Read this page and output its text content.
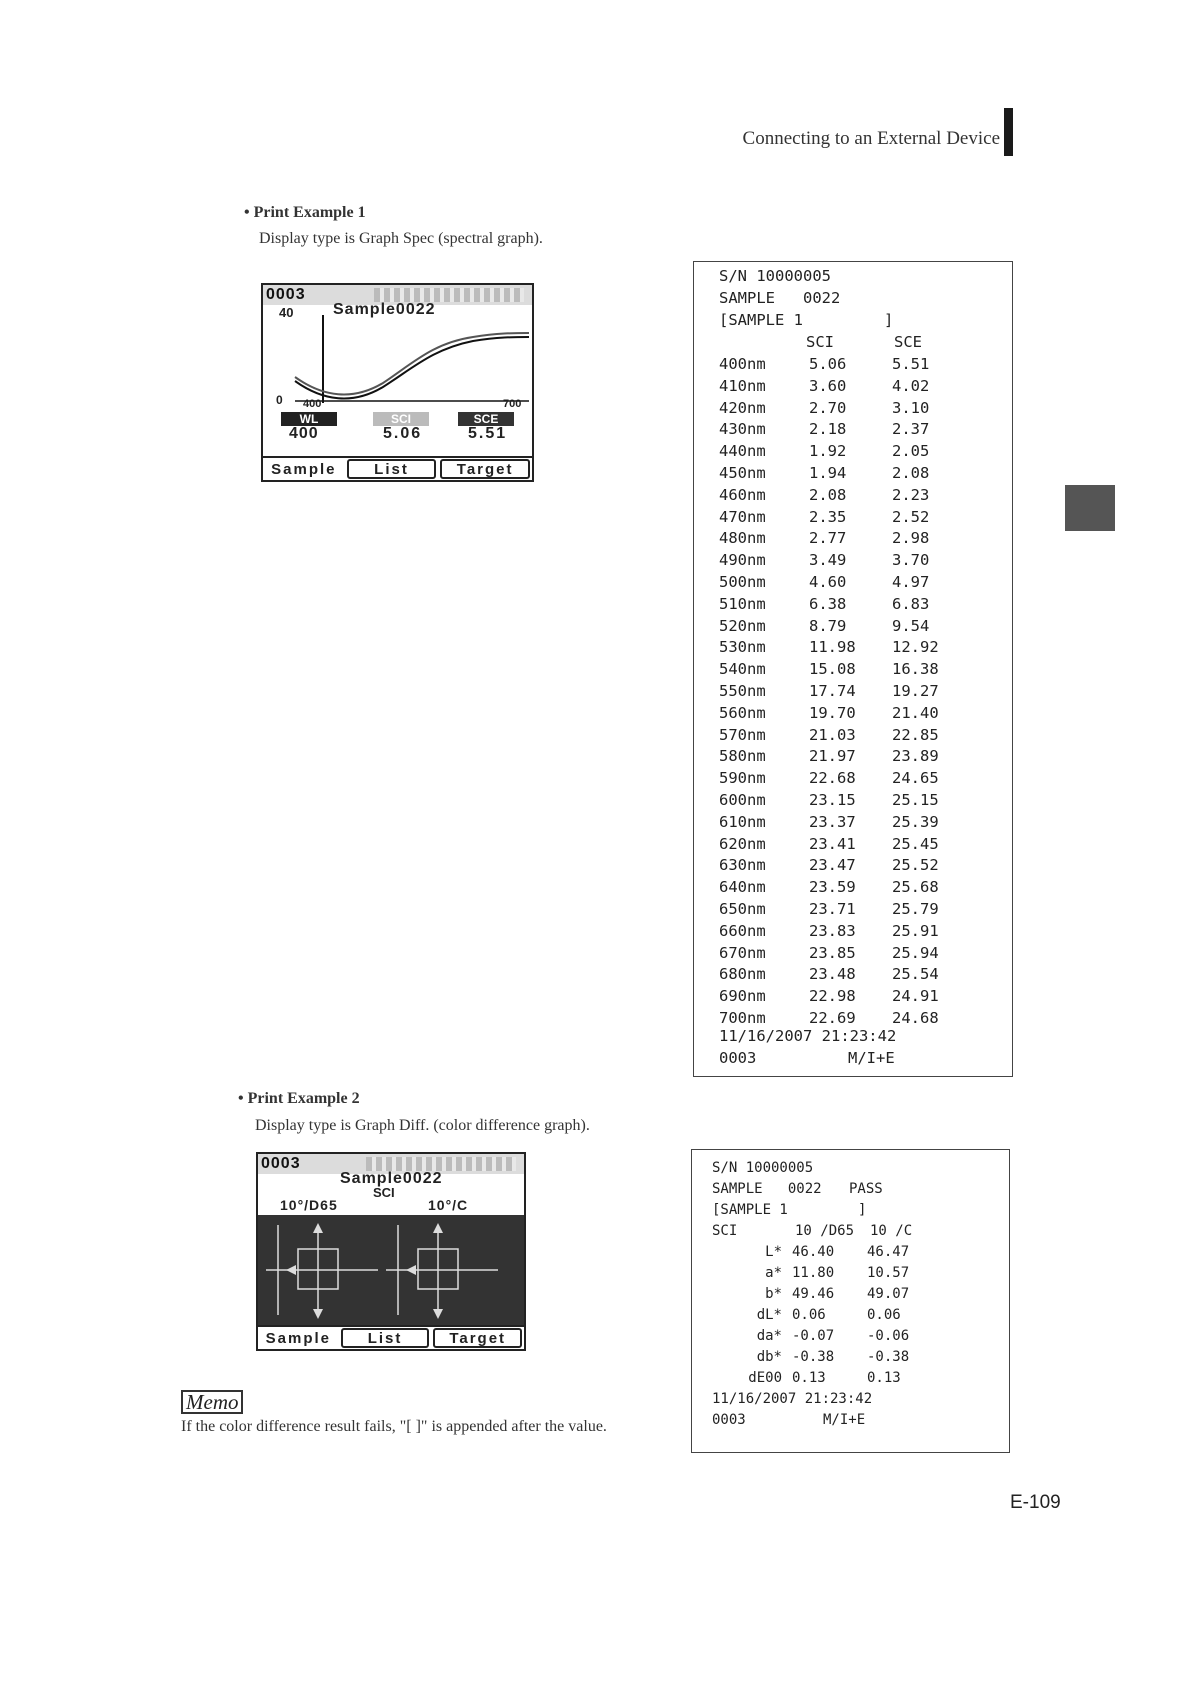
Connecting to an External Device
• Print Example 1
Display type is Graph Spec (spectral graph).
0003
Sample0022
40
0 400	700
WL	SCI	SCE
400	5.06	5.51
Sample	List	Target
S/N 10000005
SAMPLE   0022
[SAMPLE 1	]
SCI	SCE
400nm	5.06	5.51
410nm	3.60	4.02
420nm	2.70	3.10
430nm	2.18	2.37
440nm	1.92	2.05
450nm	1.94	2.08
460nm	2.08	2.23
470nm	2.35	2.52
480nm	2.77	2.98
490nm	3.49	3.70
500nm	4.60	4.97
510nm	6.38	6.83
520nm	8.79	9.54
530nm	11.98 12.92
540nm	15.08 16.38
550nm	17.74 19.27
560nm	19.70 21.40
570nm	21.03 22.85
580nm	21.97 23.89
590nm	22.68 24.65
600nm	23.15 25.15
610nm	23.37 25.39
620nm	23.41 25.45
630nm	23.47 25.52
640nm	23.59 25.68
650nm	23.71 25.79
660nm	23.83 25.91
670nm	23.85 25.94
680nm	23.48 25.54
690nm	22.98 24.91
700nm	22.69 24.68
11/16/2007 21:23:42
0003	M/I+E
• Print Example 2
Display type is Graph Diff. (color difference graph).
0003
Sample0022
SCI
10°/D65	10°/C
Sample	List	Target
S/N 10000005
SAMPLE   0022 PASS
[SAMPLE 1	]
SCI	10 /D65 10 /C
L* 46.40 46.47
a* 11.80 10.57
b* 49.46 49.07
dL* 0.06	0.06
da* -0.07 -0.06
db* -0.38 -0.38
dE00 0.13	0.13
11/16/2007 21:23:42
0003	M/I+E
Memo
If the color difference result fails, "[ ]" is appended after the value.
E-109
